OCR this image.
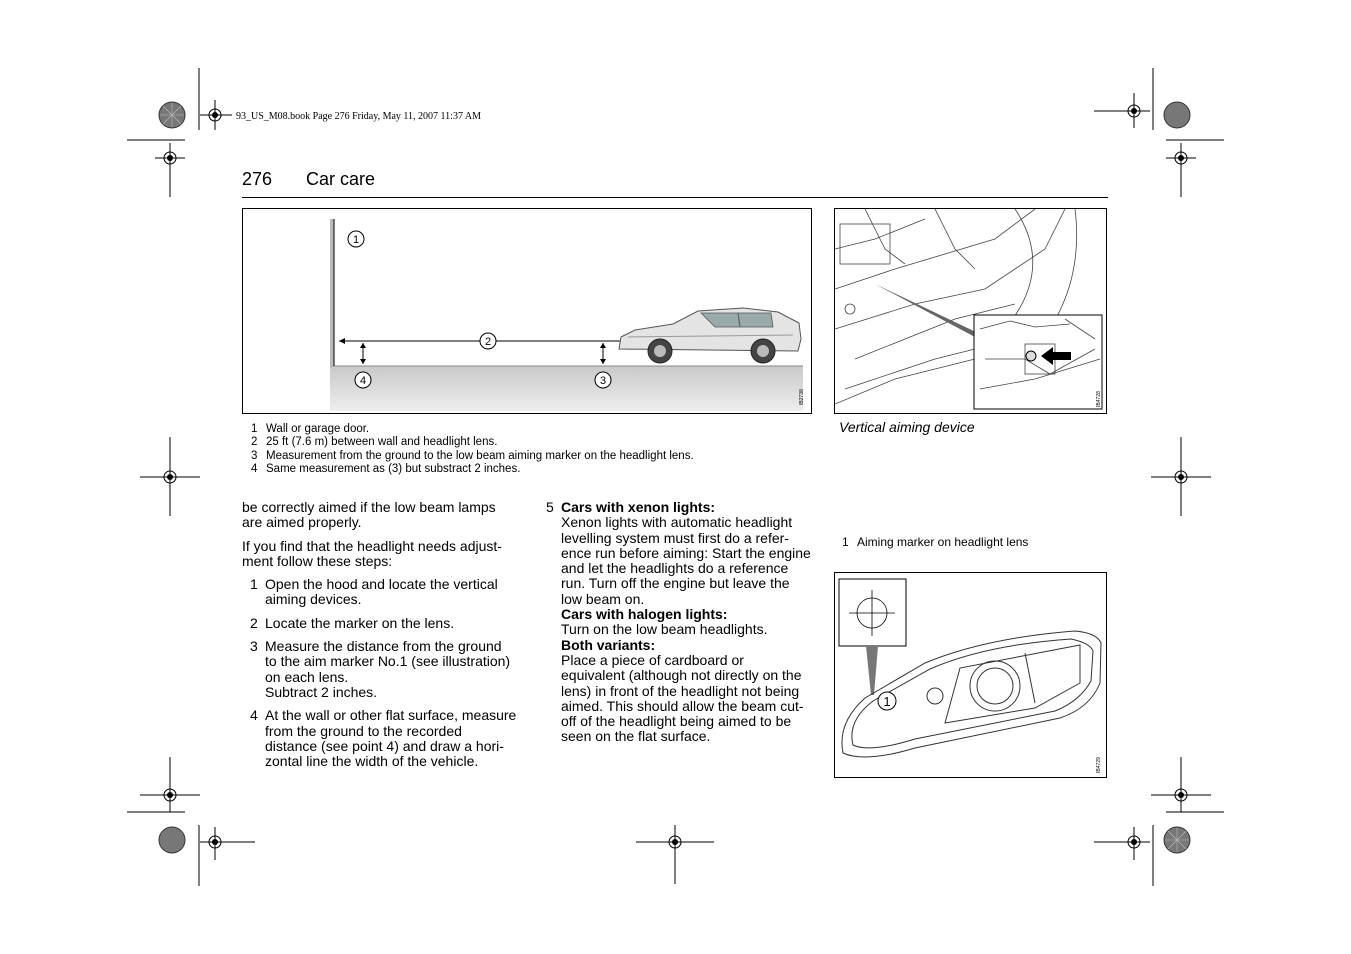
93_US_M08.book Page 276 Friday, May 11, 2007 11:37 AM
276 Car care
1
2
3
4
IB2738
1 Wall or garage door.
2 25 ft (7.6 m) between wall and headlight lens.
3 Measurement from the ground to the low beam aiming marker on the headlight lens.
4 Same measurement as (3) but substract 2 inches.
IB4728
Vertical aiming device
1 Aiming marker on headlight lens
1
IB4729

be correctly aimed if the low beam lamps are aimed properly.

If you find that the headlight needs adjust-ment follow these steps:

1 Open the hood and locate the vertical aiming devices.
2 Locate the marker on the lens.
3 Measure the distance from the ground to the aim marker No.1 (see illustration) on each lens.
Subtract 2 inches.
4 At the wall or other flat surface, measure from the ground to the recorded distance (see point 4) and draw a hori-zontal line the width of the vehicle.
5 Cars with xenon lights:
Xenon lights with automatic headlight levelling system must first do a refer-ence run before aiming: Start the engine and let the headlights do a reference run. Turn off the engine but leave the low beam on.
Cars with halogen lights:
Turn on the low beam headlights.
Both variants:
Place a piece of cardboard or equivalent (although not directly on the lens) in front of the headlight not being aimed. This should allow the beam cut-off of the headlight being aimed to be seen on the flat surface.
